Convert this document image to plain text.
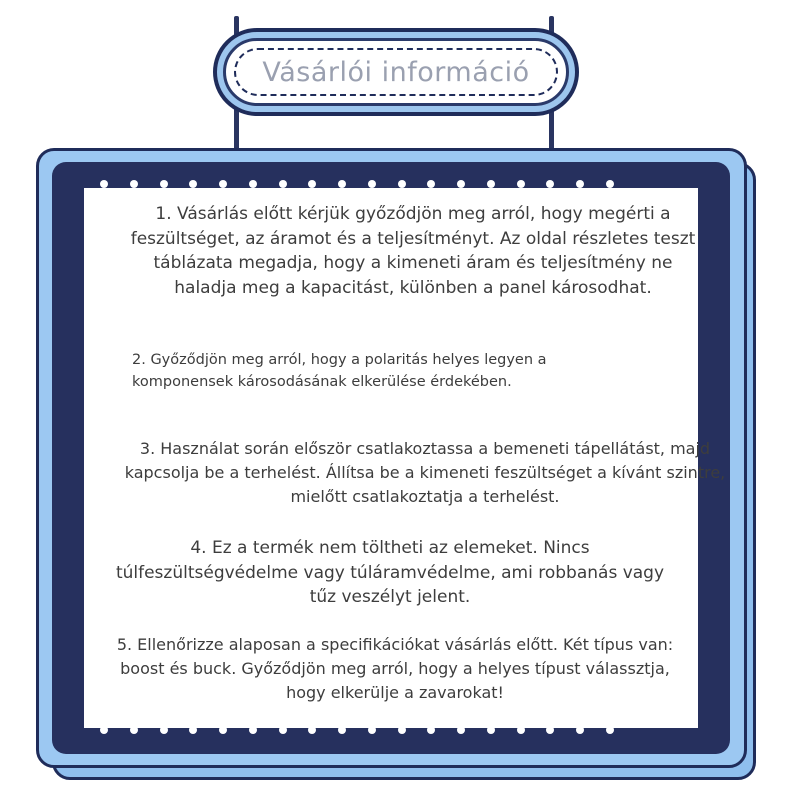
Vásárlói információ

1. Vásárlás előtt kérjük győződjön meg arról, hogy megérti a feszültséget, az áramot és a teljesítményt. Az oldal részletes teszt táblázata megadja, hogy a kimeneti áram és teljesítmény ne haladja meg a kapacitást, különben a panel károsodhat.

2. Győződjön meg arról, hogy a polaritás helyes legyen a komponensek károsodásának elkerülése érdekében.

3. Használat során először csatlakoztassa a bemeneti tápellátást, majd kapcsolja be a terhelést. Állítsa be a kimeneti feszültséget a kívánt szintre, mielőtt csatlakoztatja a terhelést.

4. Ez a termék nem töltheti az elemeket. Nincs túlfeszültségvédelme vagy túláramvédelme, ami robbanás vagy tűz veszélyt jelent.

5. Ellenőrizze alaposan a specifikációkat vásárlás előtt. Két típus van: boost és buck. Győződjön meg arról, hogy a helyes típust válassztja, hogy elkerülje a zavarokat!
